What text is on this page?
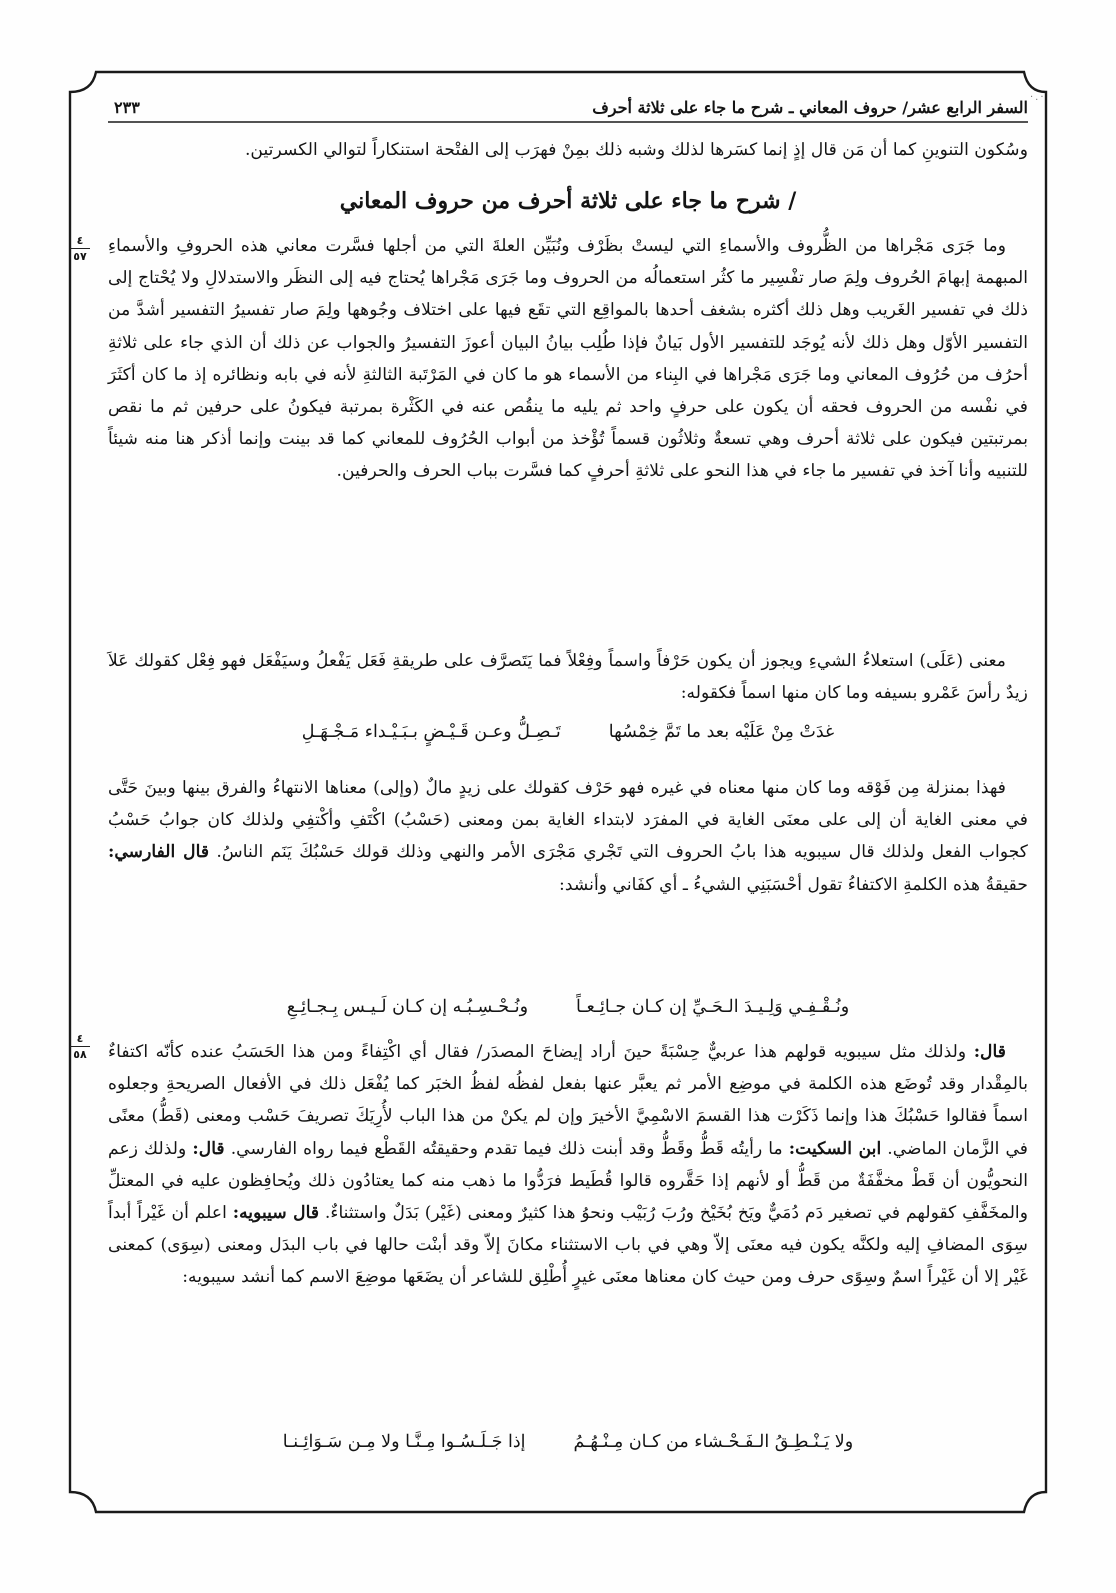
·.·
السفر الرابع عشر/ حروف المعاني ـ شرح ما جاء على ثلاثة أحرف
٢٣٣

وسُكون التنوينِ كما أن مَن قال إذٍ إنما كسَرها لذلك وشبه ذلك بمِنْ فهرَب إلى الفتْحة استنكاراً لتوالي الكسرتين.

/ شرح ما جاء على ثلاثة أحرف من حروف المعاني

وما جَرَى مَجْراها من الظُّروف والأسماءِ التي ليستْ بظَرْف ونُبَيِّن العلةَ التي من أجلها فسَّرت معاني هذه الحروفِ والأسماءِ المبهمة إبهامَ الحُروف ولِمَ صار تفْسِير ما كثُر استعمالُه من الحروف وما جَرَى مَجْراها يُحتاج فيه إلى النظَر والاستدلالِ ولا يُحْتاج إلى ذلك في تفسير الغَريب وهل ذلك أكثره بشغف أحدها بالمواقِع التي تقَع فيها على اختلاف وجُوهها ولِمَ صار تفسيرُ التفسير أشدَّ من التفسير الأوّل وهل ذلك لأنه يُوجَد للتفسير الأول بَيانٌ فإذا طُلِب بيانُ البيان أعوزَ التفسيرُ والجواب عن ذلك أن الذي جاء على ثلاثةِ أحرُف من حُرُوف المعاني وما جَرَى مَجْراها في البِناء من الأسماء هو ما كان في المَرْتَبة الثالثةِ لأنه في بابه ونظائره إذ ما كان أكثَرَ في نفْسه من الحروف فحقه أن يكون على حرفٍ واحد ثم يليه ما ينقُص عنه في الكَثْرة بمرتبة فيكونُ على حرفين ثم ما نقص بمرتبتين فيكون على ثلاثة أحرف وهي تسعةٌ وثلاثُون قسماً تُؤْخذ من أبواب الحُرُوف للمعاني كما قد بينت وإنما أذكر هنا منه شيئاً للتنبيه وأنا آخذ في تفسير ما جاء في هذا النحو على ثلاثةِ أحرفٍ كما فسَّرت بباب الحرف والحرفين.

معنى (عَلَى) استعلاءُ الشيءِ ويجوز أن يكون حَرْفاً واسماً وفِعْلاً فما يَتَصرَّف على طريقةِ فَعَل يَفْعلُ وسيَفْعَل فهو فِعْل كقولك عَلاَ زيدٌ رأسَ عَمْرو بسيفه وما كان منها اسماً فكقوله:

غدَتْ مِنْ عَلَيْه بعد ما تَمَّ خِمْسُهاتَـصِـلُّ وعـن قَـيْـضٍ بـبَـيْـداء مَـجْـهَـلِ

فهذا بمنزلة مِن فَوْقه وما كان منها معناه في غيره فهو حَرْف كقولك على زيدٍ مالٌ (وإلى) معناها الانتهاءُ والفرق بينها وبينَ حَتَّى في معنى الغاية أن إلى على معنَى الغاية في المفرَد لابتداء الغاية بمن ومعنى (حَسْبُ) اكْتَفِ وأكْتفِي ولذلك كان جوابُ حَسْبُ كجواب الفعل ولذلك قال سيبويه هذا بابُ الحروف التي تَجْري مَجْرَى الأمر والنهي وذلك قولك حَسْبُكَ يَنَم الناسُ. قال الفارسي: حقيقةُ هذه الكلمةِ الاكتفاءُ تقول أحْسَبَنِي الشيءُ ـ أي كفَاني وأنشد:

ونُـقْـفِـي وَلِـيـدَ الـحَـيِّ إن كـان جـائِـعـاًونُـحْـسِـبُـه إن كـان لَـيـس بِـجـائِـعِ

قال: ولذلك مثل سيبويه قولهم هذا عربيٌّ حِسْبَةً حينَ أراد إيضاحَ المصدَر/ فقال أي اكْتِفاءً ومن هذا الحَسَبُ عنده كأنّه اكتفاءٌ بالمِقْدار وقد تُوضَع هذه الكلمة في موضِع الأمر ثم يعبَّر عنها بفعل لفظُه لفظُ الخبَر كما يُفْعَل ذلك في الأفعال الصريحةِ وجعلوه اسماً فقالوا حَسْبُكَ هذا وإنما ذَكَرْت هذا القسمَ الاسْمِيَّ الأخيرَ وإن لم يكنْ من هذا الباب لأُرِيَكَ تصريفَ حَسْب ومعنى (قَطُّ) معنًى في الزَّمان الماضي. ابن السكيت: ما رأيتُه قَطُّ وقَطُّ وقد أبنت ذلك فيما تقدم وحقيقتُه القَطْع فيما رواه الفارسي. قال: ولذلك زعم النحويُّون أن قَطْ مخفَّفَةٌ من قَطُّ أو لأنهم إذا حَقَّروه قالوا قُطَيط فرَدُّوا ما ذهب منه كما يعتادُون ذلك ويُحافِظون عليه في المعتلِّ والمخَفَّفِ كقولهم في تصغير دَم دُمَيٌّ ويَخ بُخَيْخ ورُبَ رُبَيْب ونحوُ هذا كثيرٌ ومعنى (غَيْر) بَدَلٌ واستثناءٌ. قال سيبويه: اعلم أن غَيْراً أبداً سِوَى المضافِ إليه ولكنَّه يكون فيه معنَى إلاّ وهي في باب الاستثناء مكانَ إلاّ وقد أبنْت حالها في باب البدَل ومعنى (سِوَى) كمعنى غَيْر إلا أن غَيْراً اسمٌ وسِوًى حرف ومن حيث كان معناها معنَى غيرٍ أُطْلِق للشاعر أن يضَعَها موضِعَ الاسم كما أنشد سيبويه:

ولا يَـنْـطِـقُ الـفَـحْـشاء من كـان مِـنْـهُـمُإذا جَـلَـسُـوا مِـنَّـا ولا مِـن سَـوَائِـنـا
٤
٥٧
٤
٥٨
